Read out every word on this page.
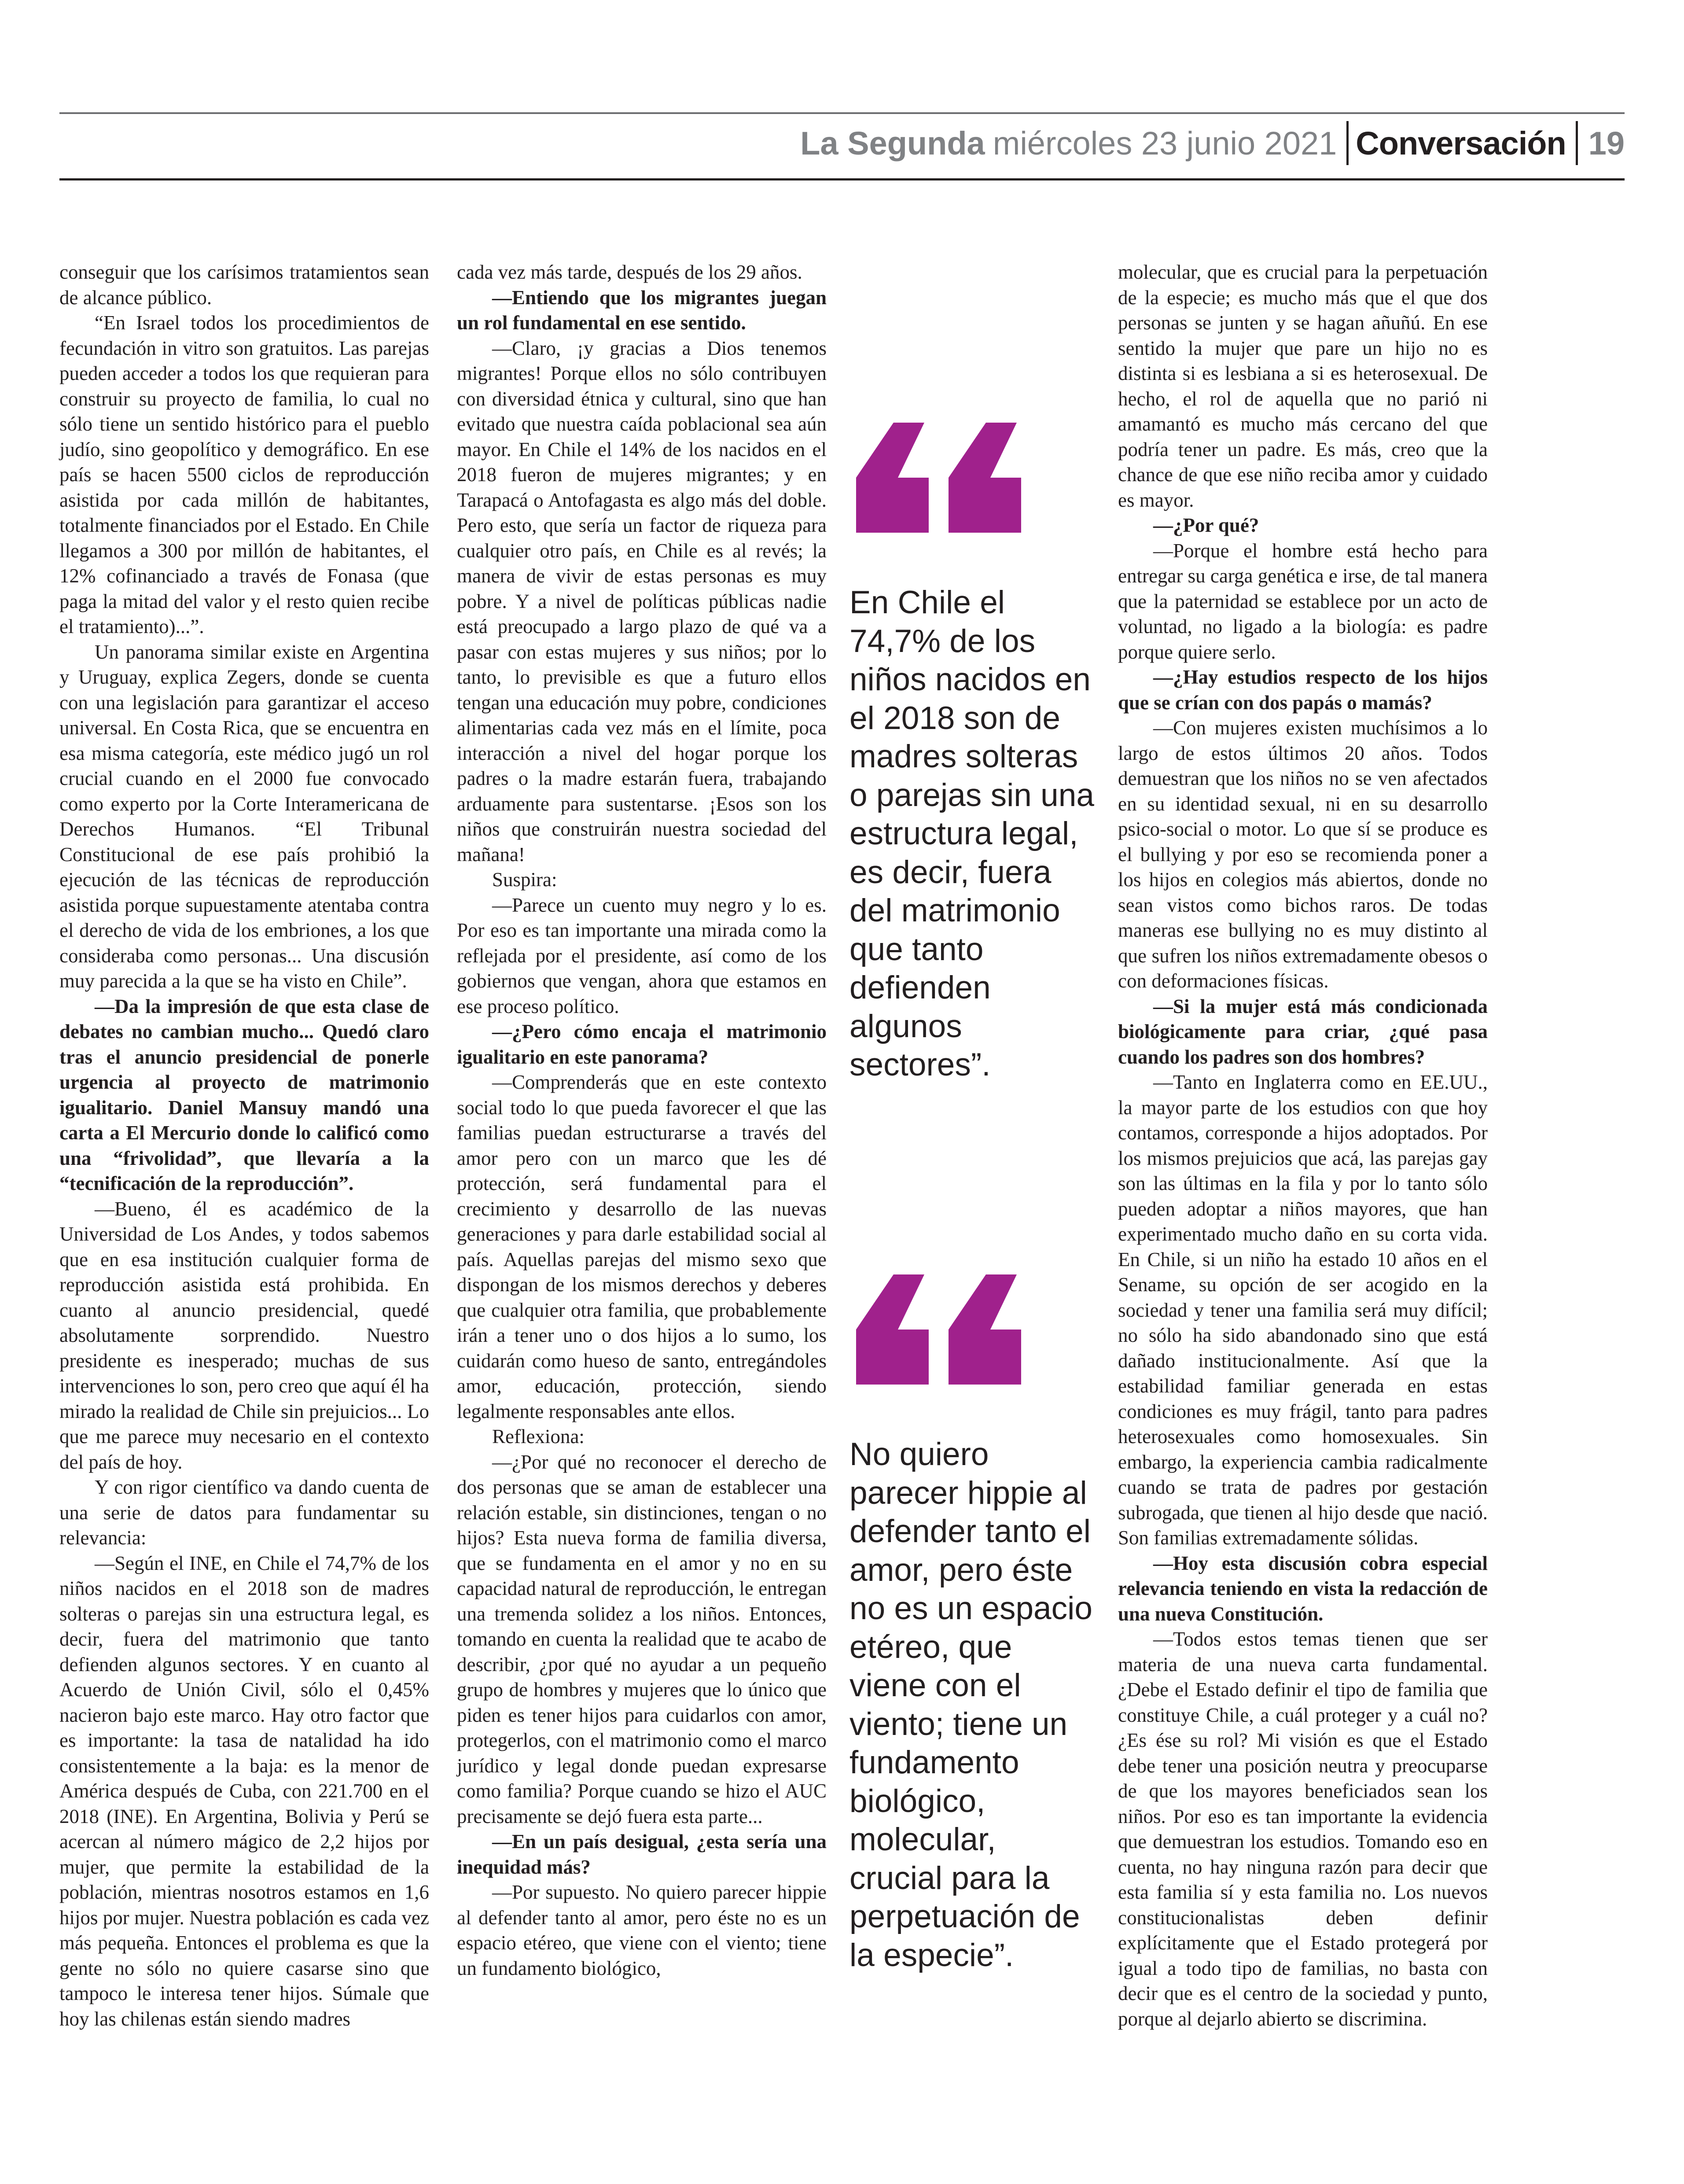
La Segunda miércoles 23 junio 2021 Conversación 19

conseguir que los carísimos tratamientos sean de alcance público.

“En Israel todos los procedimientos de fecundación in vitro son gratuitos. Las parejas pueden acceder a todos los que requieran para construir su proyecto de familia, lo cual no sólo tiene un sentido histórico para el pueblo judío, sino geopolítico y demográfico. En ese país se hacen 5500 ciclos de reproducción asistida por cada millón de habitantes, totalmente financiados por el Estado. En Chile llegamos a 300 por millón de habitantes, el 12% cofinanciado a través de Fonasa (que paga la mitad del valor y el resto quien recibe el tratamiento)...”.

Un panorama similar existe en Argentina y Uruguay, explica Zegers, donde se cuenta con una legislación para garantizar el acceso universal. En Costa Rica, que se encuentra en esa misma categoría, este médico jugó un rol crucial cuando en el 2000 fue convocado como experto por la Corte Interamericana de Derechos Humanos. “El Tribunal Constitucional de ese país prohibió la ejecución de las técnicas de reproducción asistida porque supuestamente atentaba contra el derecho de vida de los embriones, a los que consideraba como personas... Una discusión muy parecida a la que se ha visto en Chile”.

—Da la impresión de que esta clase de debates no cambian mucho... Quedó claro tras el anuncio presidencial de ponerle urgencia al proyecto de matrimonio igualitario. Daniel Mansuy mandó una carta a El Mercurio donde lo calificó como una “frivolidad”, que llevaría a la “tecnificación de la reproducción”.

—Bueno, él es académico de la Universidad de Los Andes, y todos sabemos que en esa institución cualquier forma de reproducción asistida está prohibida. En cuanto al anuncio presidencial, quedé absolutamente sorprendido. Nuestro presidente es inesperado; muchas de sus intervenciones lo son, pero creo que aquí él ha mirado la realidad de Chile sin prejuicios... Lo que me parece muy necesario en el contexto del país de hoy.

Y con rigor científico va dando cuenta de una serie de datos para fundamentar su relevancia:

—Según el INE, en Chile el 74,7% de los niños nacidos en el 2018 son de madres solteras o parejas sin una estructura legal, es decir, fuera del matrimonio que tanto defienden algunos sectores. Y en cuanto al Acuerdo de Unión Civil, sólo el 0,45% nacieron bajo este marco. Hay otro factor que es importante: la tasa de natalidad ha ido consistentemente a la baja: es la menor de América después de Cuba, con 221.700 en el 2018 (INE). En Argentina, Bolivia y Perú se acercan al número mágico de 2,2 hijos por mujer, que permite la estabilidad de la población, mientras nosotros estamos en 1,6 hijos por mujer. Nuestra población es cada vez más pequeña. Entonces el problema es que la gente no sólo no quiere casarse sino que tampoco le interesa tener hijos. Súmale que hoy las chilenas están siendo madres

cada vez más tarde, después de los 29 años.

—Entiendo que los migrantes juegan un rol fundamental en ese sentido.

—Claro, ¡y gracias a Dios tenemos migrantes! Porque ellos no sólo contribuyen con diversidad étnica y cultural, sino que han evitado que nuestra caída poblacional sea aún mayor. En Chile el 14% de los nacidos en el 2018 fueron de mujeres migrantes; y en Tarapacá o Antofagasta es algo más del doble. Pero esto, que sería un factor de riqueza para cualquier otro país, en Chile es al revés; la manera de vivir de estas personas es muy pobre. Y a nivel de políticas públicas nadie está preocupado a largo plazo de qué va a pasar con estas mujeres y sus niños; por lo tanto, lo previsible es que a futuro ellos tengan una educación muy pobre, condiciones alimentarias cada vez más en el límite, poca interacción a nivel del hogar porque los padres o la madre estarán fuera, trabajando arduamente para sustentarse. ¡Esos son los niños que construirán nuestra sociedad del mañana!

Suspira:

—Parece un cuento muy negro y lo es. Por eso es tan importante una mirada como la reflejada por el presidente, así como de los gobiernos que vengan, ahora que estamos en ese proceso político.

—¿Pero cómo encaja el matrimonio igualitario en este panorama?

—Comprenderás que en este contexto social todo lo que pueda favorecer el que las familias puedan estructurarse a través del amor pero con un marco que les dé protección, será fundamental para el crecimiento y desarrollo de las nuevas generaciones y para darle estabilidad social al país. Aquellas parejas del mismo sexo que dispongan de los mismos derechos y deberes que cualquier otra familia, que probablemente irán a tener uno o dos hijos a lo sumo, los cuidarán como hueso de santo, entregándoles amor, educación, protección, siendo legalmente responsables ante ellos.

Reflexiona:

—¿Por qué no reconocer el derecho de dos personas que se aman de establecer una relación estable, sin distinciones, tengan o no hijos? Esta nueva forma de familia diversa, que se fundamenta en el amor y no en su capacidad natural de reproducción, le entregan una tremenda solidez a los niños. Entonces, tomando en cuenta la realidad que te acabo de describir, ¿por qué no ayudar a un pequeño grupo de hombres y mujeres que lo único que piden es tener hijos para cuidarlos con amor, protegerlos, con el matrimonio como el marco jurídico y legal donde puedan expresarse como familia? Porque cuando se hizo el AUC precisamente se dejó fuera esta parte...

—En un país desigual, ¿esta sería una inequidad más?

—Por supuesto. No quiero parecer hippie al defender tanto al amor, pero éste no es un espacio etéreo, que viene con el viento; tiene un fundamento biológico,

En Chile el 74,7% de los niños nacidos en el 2018 son de madres solteras o parejas sin una estructura legal, es decir, fuera del matrimonio que tanto defienden algunos sectores”.
No quiero parecer hippie al defender tanto el amor, pero éste no es un espacio etéreo, que viene con el viento; tiene un fundamento biológico, molecular, crucial para la perpetuación de la especie”.

molecular, que es crucial para la perpetuación de la especie; es mucho más que el que dos personas se junten y se hagan añuñú. En ese sentido la mujer que pare un hijo no es distinta si es lesbiana a si es heterosexual. De hecho, el rol de aquella que no parió ni amamantó es mucho más cercano del que podría tener un padre. Es más, creo que la chance de que ese niño reciba amor y cuidado es mayor.

—¿Por qué?

—Porque el hombre está hecho para entregar su carga genética e irse, de tal manera que la paternidad se establece por un acto de voluntad, no ligado a la biología: es padre porque quiere serlo.

—¿Hay estudios respecto de los hijos que se crían con dos papás o mamás?

—Con mujeres existen muchísimos a lo largo de estos últimos 20 años. Todos demuestran que los niños no se ven afectados en su identidad sexual, ni en su desarrollo psico-social o motor. Lo que sí se produce es el bullying y por eso se recomienda poner a los hijos en colegios más abiertos, donde no sean vistos como bichos raros. De todas maneras ese bullying no es muy distinto al que sufren los niños extremadamente obesos o con deformaciones físicas.

—Si la mujer está más condicionada biológicamente para criar, ¿qué pasa cuando los padres son dos hombres?

—Tanto en Inglaterra como en EE.UU., la mayor parte de los estudios con que hoy contamos, corresponde a hijos adoptados. Por los mismos prejuicios que acá, las parejas gay son las últimas en la fila y por lo tanto sólo pueden adoptar a niños mayores, que han experimentado mucho daño en su corta vida. En Chile, si un niño ha estado 10 años en el Sename, su opción de ser acogido en la sociedad y tener una familia será muy difícil; no sólo ha sido abandonado sino que está dañado institucionalmente. Así que la estabilidad familiar generada en estas condiciones es muy frágil, tanto para padres heterosexuales como homosexuales. Sin embargo, la experiencia cambia radicalmente cuando se trata de padres por gestación subrogada, que tienen al hijo desde que nació. Son familias extremadamente sólidas.

—Hoy esta discusión cobra especial relevancia teniendo en vista la redacción de una nueva Constitución.

—Todos estos temas tienen que ser materia de una nueva carta fundamental. ¿Debe el Estado definir el tipo de familia que constituye Chile, a cuál proteger y a cuál no? ¿Es ése su rol? Mi visión es que el Estado debe tener una posición neutra y preocuparse de que los mayores beneficiados sean los niños. Por eso es tan importante la evidencia que demuestran los estudios. Tomando eso en cuenta, no hay ninguna razón para decir que esta familia sí y esta familia no. Los nuevos constitucionalistas deben definir explícitamente que el Estado protegerá por igual a todo tipo de familias, no basta con decir que es el centro de la sociedad y punto, porque al dejarlo abierto se discrimina.
